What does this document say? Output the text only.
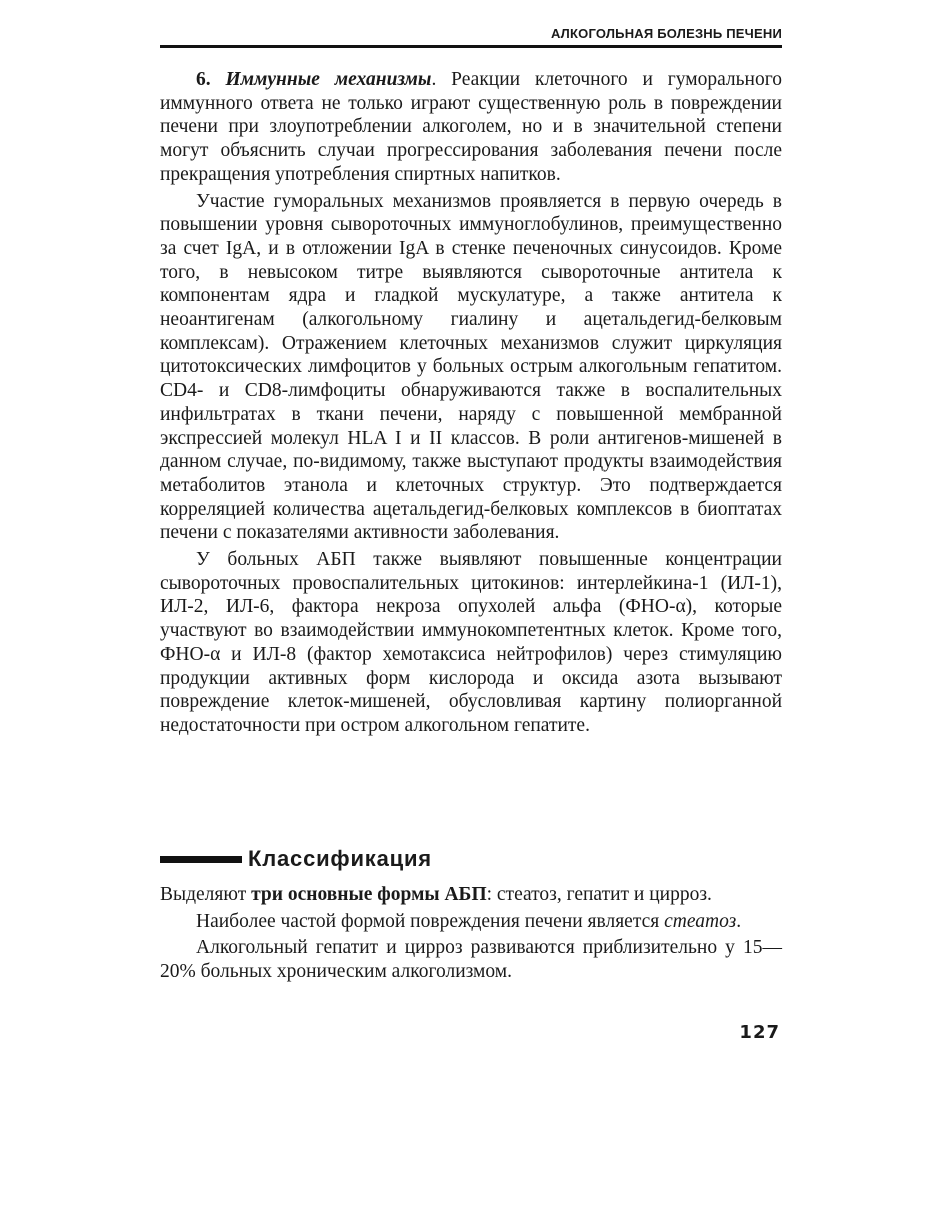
АЛКОГОЛЬНАЯ БОЛЕЗНЬ ПЕЧЕНИ

6. Иммунные механизмы. Реакции клеточного и гуморального иммунного ответа не только играют существенную роль в повреждении печени при злоупотреблении алкоголем, но и в значительной степени могут объяснить случаи прогрессирования заболевания печени после прекращения употребления спиртных напитков.

Участие гуморальных механизмов проявляется в первую очередь в повышении уровня сывороточных иммуноглобулинов, преимущественно за счет IgA, и в отложении IgA в стенке печеночных синусоидов. Кроме того, в невысоком титре выявляются сывороточные антитела к компонентам ядра и гладкой мускулатуре, а также антитела к неоантигенам (алкогольному гиалину и ацетальдегид-белковым комплексам). Отражением клеточных механизмов служит циркуляция цитотоксических лимфоцитов у больных острым алкогольным гепатитом. CD4- и CD8-лимфоциты обнаруживаются также в воспалительных инфильтратах в ткани печени, наряду с повышенной мембранной экспрессией молекул HLA I и II классов. В роли антигенов-мишеней в данном случае, по-видимому, также выступают продукты взаимодействия метаболитов этанола и клеточных структур. Это подтверждается корреляцией количества ацетальдегид-белковых комплексов в биоптатах печени с показателями активности заболевания.

У больных АБП также выявляют повышенные концентрации сывороточных провоспалительных цитокинов: интерлейкина-1 (ИЛ-1), ИЛ-2, ИЛ-6, фактора некроза опухолей альфа (ФНО-α), которые участвуют во взаимодействии иммунокомпетентных клеток. Кроме того, ФНО-α и ИЛ-8 (фактор хемотаксиса нейтрофилов) через стимуляцию продукции активных форм кислорода и оксида азота вызывают повреждение клеток-мишеней, обусловливая картину полиорганной недостаточности при остром алкогольном гепатите.

Классификация

Выделяют три основные формы АБП: стеатоз, гепатит и цирроз.

Наиболее частой формой повреждения печени является стеатоз.

Алкогольный гепатит и цирроз развиваются приблизительно у 15—20% больных хроническим алкоголизмом.

127
